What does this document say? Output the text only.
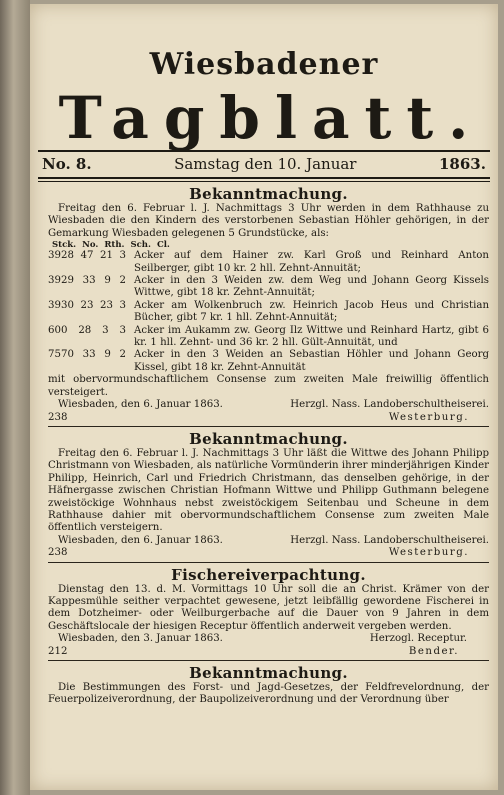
Wiesbadener
Tagblatt.
No. 8.	Samstag den 10. Januar	1863.
Bekanntmachung.

Freitag den 6. Februar l. J. Nachmittags 3 Uhr werden in dem Rathhause zu Wiesbaden die den Kindern des verstorbenen Sebastian Höhler gehörigen, in der Gemarkung Wiesbaden gelegenen 5 Grundstücke, als:

Stck. No. Rth. Sch. Cl.
3928 47 21 3 Acker auf dem Hainer zw. Karl Groß und Reinhard Anton Seilberger, gibt 10 kr. 2 hll. Zehnt-Annuität;
3929 33 9 2 Acker in den 3 Weiden zw. dem Weg und Johann Georg Kissels Wittwe, gibt 18 kr. Zehnt-Annuität;
3930 23 23 3 Acker am Wolkenbruch zw. Heinrich Jacob Heus und Christian Bücher, gibt 7 kr. 1 hll. Zehnt-Annuität;
600 28 3 3 Acker im Aukamm zw. Georg Ilz Wittwe und Reinhard Hartz, gibt 6 kr. 1 hll. Zehnt- und 36 kr. 2 hll. Gült-Annuität, und
7570 33 9 2 Acker in den 3 Weiden an Sebastian Höhler und Johann Georg Kissel, gibt 18 kr. Zehnt-Annuität

mit obervormundschaftlichem Consense zum zweiten Male freiwillig öffentlich versteigert.

Wiesbaden, den 6. Januar 1863.	Herzgl. Nass. Landoberschultheiserei.
238	Westerburg.
Bekanntmachung.

Freitag den 6. Februar l. J. Nachmittags 3 Uhr läßt die Wittwe des Johann Philipp Christmann von Wiesbaden, als natürliche Vormünderin ihrer minderjährigen Kinder Philipp, Heinrich, Carl und Friedrich Christmann, das denselben gehörige, in der Häfnergasse zwischen Christian Hofmann Wittwe und Philipp Guthmann belegene zweistöckige Wohnhaus nebst zweistöckigem Seitenbau und Scheune in dem Rathhause dahier mit obervormundschaftlichem Consense zum zweiten Male öffentlich versteigern.

Wiesbaden, den 6. Januar 1863.	Herzgl. Nass. Landoberschultheiserei.
238	Westerburg.
Fischereiverpachtung.

Dienstag den 13. d. M. Vormittags 10 Uhr soll die an Christ. Krämer von der Kappesmühle seither verpachtet gewesene, jetzt leibfällig gewordene Fischerei in dem Dotzheimer- oder Weilburgerbache auf die Dauer von 9 Jahren in dem Geschäftslocale der hiesigen Receptur öffentlich anderweit vergeben werden.

Wiesbaden, den 3. Januar 1863.	Herzogl. Receptur.
212	Bender.
Bekanntmachung.

Die Bestimmungen des Forst- und Jagd-Gesetzes, der Feldfrevelordnung, der Feuerpolizeiverordnung, der Baupolizeiverordnung und der Verordnung über
